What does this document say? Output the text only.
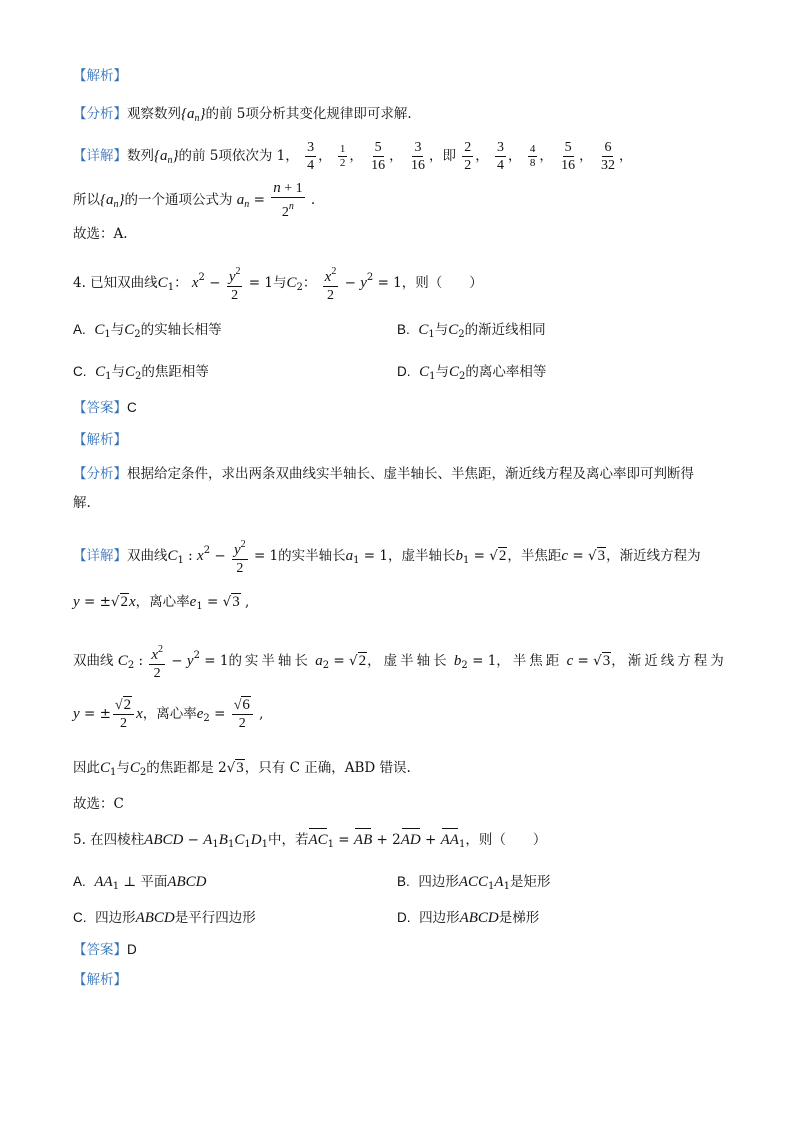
【解析】
【分析】观察数列$\{a_n\}$的前 5项分析其变化规律即可求解.
【详解】数列$\{a_n\}$的前 5项依次为 1， $\frac{3}{4}$ ， $\frac{1}{2}$ ， $\frac{5}{16}$ ， $\frac{3}{16}$ ，即 $\frac{2}{2}$ ， $\frac{3}{4}$ ， $\frac{4}{8}$ ， $\frac{5}{16}$ ， $\frac{6}{32}$ ，
所以$\{a_n\}$的一个通项公式为 $a_n = \frac{n + 1}{2^n}$ .
故选：A.
4. 已知双曲线$C_1$： $x^2 - \frac{y^2}{2} = 1$与$C_2$： $\frac{x^2}{2} - y^2 = 1$，则（　　）
A. $C_1$与$C_2$的实轴长相等	B. $C_1$与$C_2$的渐近线相同
C. $C_1$与$C_2$的焦距相等	D. $C_1$与$C_2$的离心率相等
【答案】C
【解析】
【分析】根据给定条件，求出两条双曲线实半轴长、虚半轴长、半焦距，渐近线方程及离心率即可判断得
解.
【详解】双曲线$C_1$ : $x^2 - \frac{y^2}{2} = 1$的实半轴长$a_1 = 1$，虚半轴长$b_1 = √2$，半焦距c = √3，渐近线方程为
y = ±√2x，离心率$e_1 = √3$ ,
双曲线 $C_2$ : $\frac{x^2}{2} - y^2 = 1$的实半轴长 $a_2 = √2$，虚半轴长 $b_2 = 1$，半焦距 c = √3，渐近线方程为
y = ± $\frac{√2}{2}$ x，离心率$e_2 = \frac{√6}{2}$ ,
因此$C_1$与$C_2$的焦距都是 2√3，只有 C 正确，ABD 错误.
故选：C
5. 在四棱柱ABCD − $A_1B_1C_1D_1$中，若$AC_1$ = AB + $2AD + AA_1$，则（　　）
A. $AA_1$ ⊥ 平面ABCD	B. 四边形$ACC_1A_1$是矩形
C. 四边形ABCD是平行四边形	D. 四边形ABCD是梯形
【答案】D
【解析】
